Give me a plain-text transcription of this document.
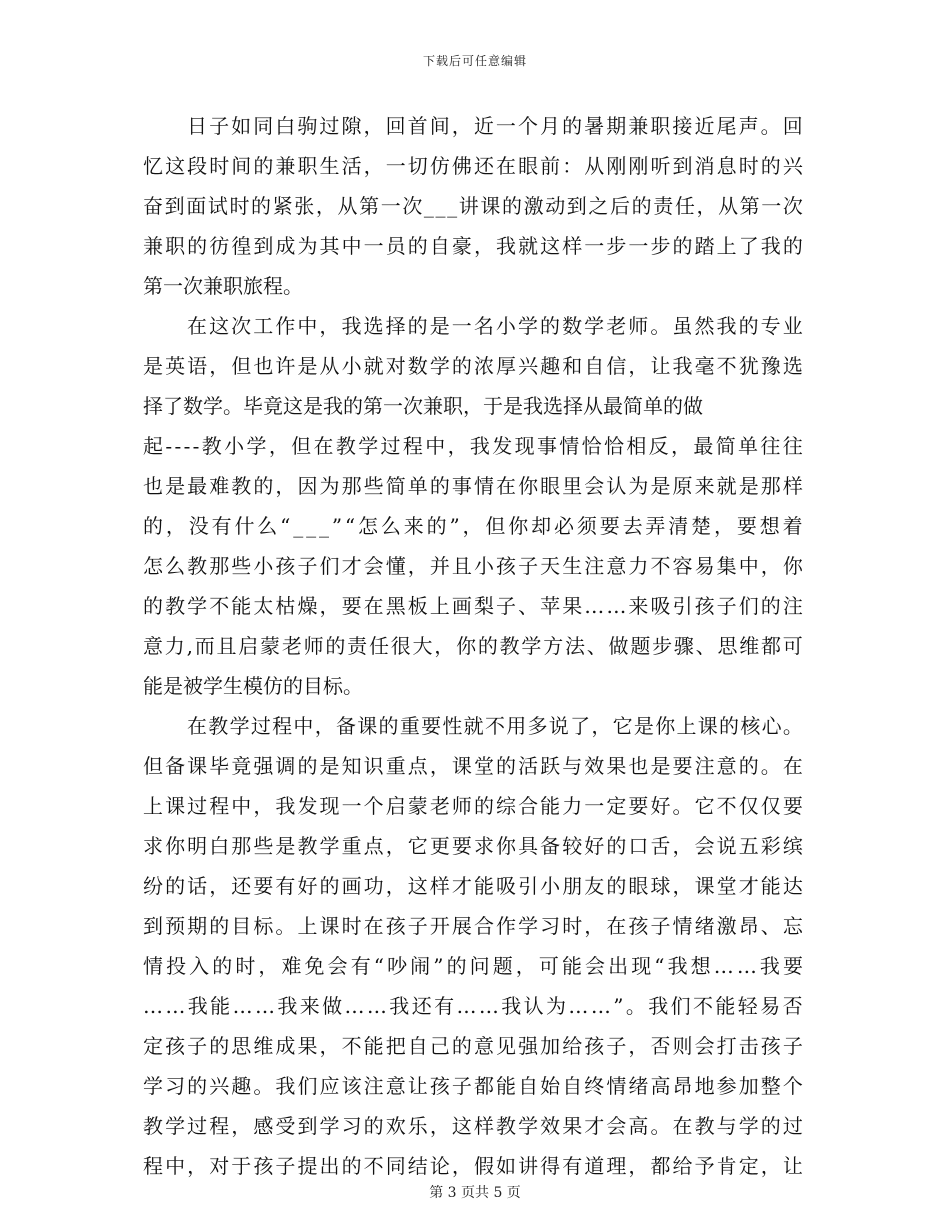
下载后可任意编辑
日 子 如 同 白 驹 过 隙 ， 回 首 间 ， 近 一 个 月 的 暑 期 兼 职 接 近 尾 声 。 回
忆 这 段 时 间 的 兼 职 生 活 ， 一 切 仿 佛 还 在 眼 前 ： 从 刚 刚 听 到 消 息 时 的 兴
奋 到 面 试 时 的 紧 张 ， 从 第 一 次 _ _ _ 讲 课 的 激 动 到 之 后 的 责 任 ， 从 第 一 次
兼 职 的 彷 徨 到 成 为 其 中 一 员 的 自 豪 ， 我 就 这 样 一 步 一 步 的 踏 上 了 我 的
第一次兼职旅程。
在 这 次 工 作 中 ， 我 选 择 的 是 一 名 小 学 的 数 学 老 师 。 虽 然 我 的 专 业
是 英 语 ， 但 也 许 是 从 小 就 对 数 学 的 浓 厚 兴 趣 和 自 信 ， 让 我 毫 不 犹 豫 选
择了数学。毕竟这是我的第一次兼职，于是我选择从最简单的做
起 - - - - 教 小 学 ， 但 在 教 学 过 程 中 ， 我 发 现 事 情 恰 恰 相 反 ， 最 简 单 往 往
也 是 最 难 教 的 ， 因 为 那 些 简 单 的 事 情 在 你 眼 里 会 认 为 是 原 来 就 是 那 样
的 ， 没 有 什 么 “ _ _ _ ” “ 怎 么 来 的 ” ， 但 你 却 必 须 要 去 弄 清 楚 ， 要 想 着
怎 么 教 那 些 小 孩 子 们 才 会 懂 ， 并 且 小 孩 子 天 生 注 意 力 不 容 易 集 中 ， 你
的 教 学 不 能 太 枯 燥 ， 要 在 黑 板 上 画 梨 子 、 苹 果 … … 来 吸 引 孩 子 们 的 注
意 力 , 而 且 启 蒙 老 师 的 责 任 很 大 ， 你 的 教 学 方 法 、 做 题 步 骤 、 思 维 都 可
能是被学生模仿的目标。
在 教 学 过 程 中 ， 备 课 的 重 要 性 就 不 用 多 说 了 ， 它 是 你 上 课 的 核 心 。
但 备 课 毕 竟 强 调 的 是 知 识 重 点 ， 课 堂 的 活 跃 与 效 果 也 是 要 注 意 的 。 在
上 课 过 程 中 ， 我 发 现 一 个 启 蒙 老 师 的 综 合 能 力 一 定 要 好 。 它 不 仅 仅 要
求 你 明 白 那 些 是 教 学 重 点 ， 它 更 要 求 你 具 备 较 好 的 口 舌 ， 会 说 五 彩 缤
纷 的 话 ， 还 要 有 好 的 画 功 ， 这 样 才 能 吸 引 小 朋 友 的 眼 球 ， 课 堂 才 能 达
到 预 期 的 目 标 。 上 课 时 在 孩 子 开 展 合 作 学 习 时 ， 在 孩 子 情 绪 激 昂 、 忘
情 投 入 的 时 ， 难 免 会 有 “ 吵 闹 ” 的 问 题 ， 可 能 会 出 现 “ 我 想 … … 我 要
… … 我 能 … … 我 来 做 … … 我 还 有 … … 我 认 为 … … ” 。 我 们 不 能 轻 易 否
定 孩 子 的 思 维 成 果 ， 不 能 把 自 己 的 意 见 强 加 给 孩 子 ， 否 则 会 打 击 孩 子
学 习 的 兴 趣 。 我 们 应 该 注 意 让 孩 子 都 能 自 始 自 终 情 绪 高 昂 地 参 加 整 个
教 学 过 程 ， 感 受 到 学 习 的 欢 乐 ， 这 样 教 学 效 果 才 会 高 。 在 教 与 学 的 过
程 中 ， 对 于 孩 子 提 出 的 不 同 结 论 ， 假 如 讲 得 有 道 理 ， 都 给 予 肯 定 ， 让
第 3 页共 5 页
